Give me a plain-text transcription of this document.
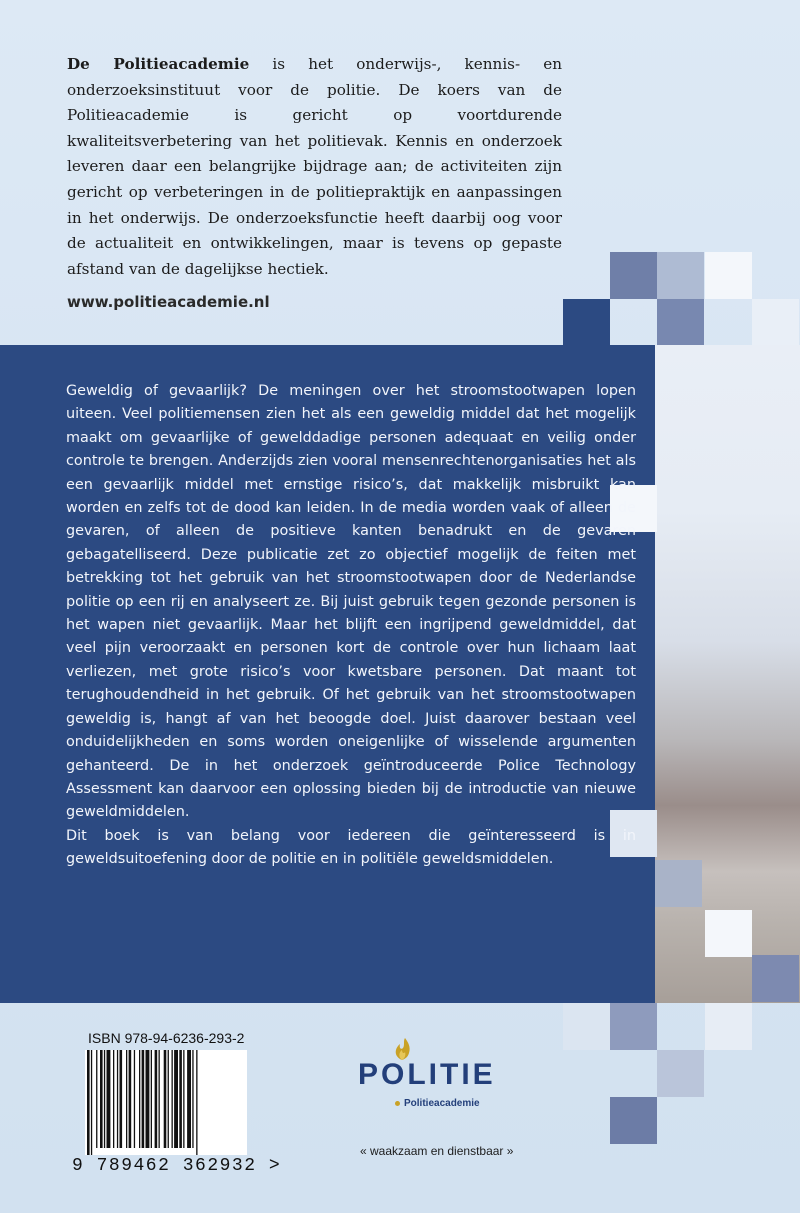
De Politieacademie is het onderwijs-, kennis- en onderzoeksinstituut voor de politie. De koers van de Politieacademie is gericht op voortdurende kwaliteitsverbetering van het politievak. Kennis en onderzoek leveren daar een belangrijke bijdrage aan; de activiteiten zijn gericht op verbeteringen in de politiepraktijk en aanpassingen in het onderwijs. De onderzoeksfunctie heeft daarbij oog voor de actualiteit en ontwikkelingen, maar is tevens op gepaste afstand van de dagelijkse hectiek.
www.politieacademie.nl

Geweldig of gevaarlijk? De meningen over het stroomstootwapen lopen uiteen. Veel politiemensen zien het als een geweldig middel dat het mogelijk maakt om gevaarlijke of gewelddadige personen adequaat en veilig onder controle te brengen. Anderzijds zien vooral mensenrechtenorganisaties het als een gevaarlijk middel met ernstige risico’s, dat makkelijk misbruikt kan worden en zelfs tot de dood kan leiden. In de media worden vaak of alleen de gevaren, of alleen de positieve kanten benadrukt en de gevaren gebagatelliseerd. Deze publicatie zet zo objectief mogelijk de feiten met betrekking tot het gebruik van het stroomstootwapen door de Nederlandse politie op een rij en analyseert ze. Bij juist gebruik tegen gezonde personen is het wapen niet gevaarlijk. Maar het blijft een ingrijpend geweldmiddel, dat veel pijn veroorzaakt en personen kort de controle over hun lichaam laat verliezen, met grote risico’s voor kwetsbare personen. Dat maant tot terughoudendheid in het gebruik. Of het gebruik van het stroomstootwapen geweldig is, hangt af van het beoogde doel. Juist daarover bestaan veel onduidelijkheden en soms worden oneigenlijke of wisselende argumenten gehanteerd. De in het onderzoek geïntroduceerde Police Technology Assessment kan daarvoor een oplossing bieden bij de introductie van nieuwe geweldmiddelen.

Dit boek is van belang voor iedereen die geïnteresseerd is in geweldsuitoefening door de politie en in politiële geweldsmiddelen.

ISBN 978-94-6236-293-2
9 789462 362932 >
POLITIE
Politieacademie
« waakzaam en dienstbaar »
